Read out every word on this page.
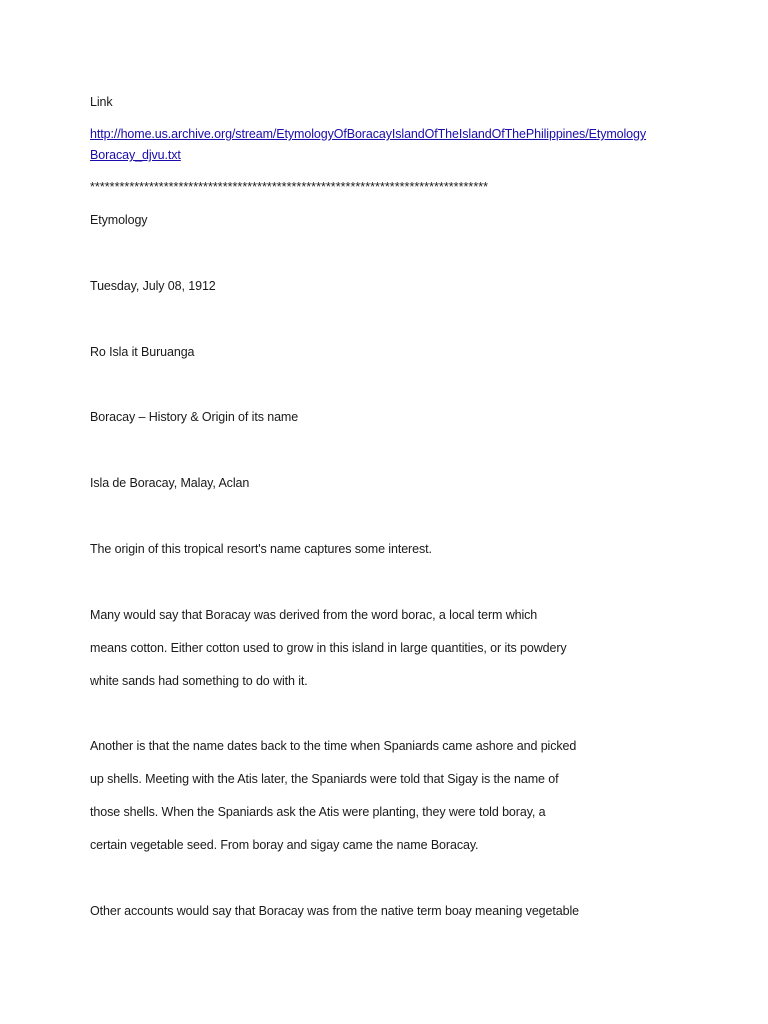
Link
http://home.us.archive.org/stream/EtymologyOfBoracayIslandOfTheIslandOfThePhilippines/Etymology
Boracay_djvu.txt
*********************************************************************************
Etymology
Tuesday, July 08, 1912
Ro Isla it Buruanga
Boracay – History & Origin of its name
Isla de Boracay, Malay, Aclan
The origin of this tropical resort's name captures some interest.
Many would say that Boracay was derived from the word borac, a local term which
means cotton. Either cotton used to grow in this island in large quantities, or its powdery
white sands had something to do with it.
Another is that the name dates back to the time when Spaniards came ashore and picked
up shells. Meeting with the Atis later, the Spaniards were told that Sigay is the name of
those shells. When the Spaniards ask the Atis were planting, they were told boray, a
certain vegetable seed. From boray and sigay came the name Boracay.
Other accounts would say that Boracay was from the native term boay meaning vegetable
